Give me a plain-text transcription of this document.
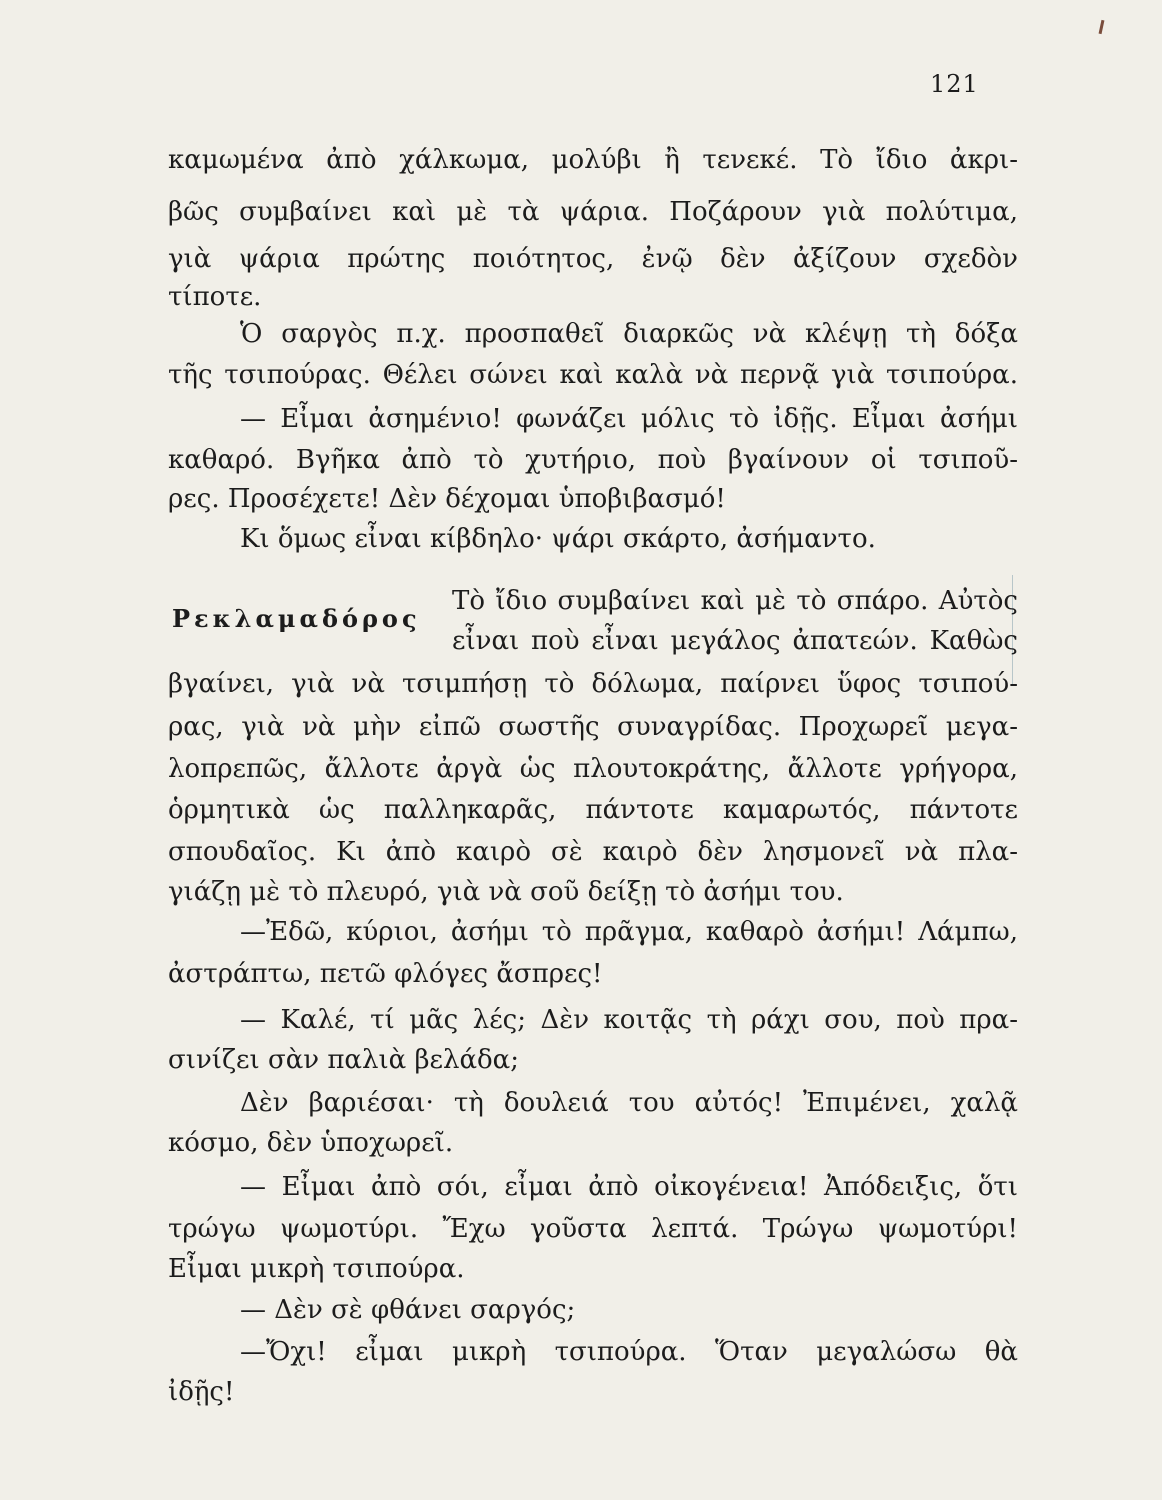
121
καμωμένα ἀπὸ χάλκωμα, μολύβι ἢ τενεκέ. Τὸ ἴδιο ἀκρι-
βῶς συμβαίνει καὶ μὲ τὰ ψάρια. Ποζάρουν γιὰ πολύτιμα,
γιὰ ψάρια πρώτης ποιότητος, ἐνῷ δὲν ἀξίζουν σχεδὸν
τίποτε.
Ὁ σαργὸς π.χ. προσπαθεῖ διαρκῶς νὰ κλέψῃ τὴ δόξα
τῆς τσιπούρας. Θέλει σώνει καὶ καλὰ νὰ περνᾷ γιὰ τσιπούρα.
— Εἶμαι ἀσημένιο! φωνάζει μόλις τὸ ἰδῇς. Εἶμαι ἀσήμι
καθαρό. Βγῆκα ἀπὸ τὸ χυτήριο, ποὺ βγαίνουν οἱ τσιποῦ-
ρες. Προσέχετε! Δὲν δέχομαι ὑποβιβασμό!
Κι ὅμως εἶναι κίβδηλο· ψάρι σκάρτο, ἀσήμαντο.
Ρεκλαμαδόρος
Τὸ ἴδιο συμβαίνει καὶ μὲ τὸ σπάρο. Αὐτὸς
εἶναι ποὺ εἶναι μεγάλος ἀπατεών. Καθὼς
βγαίνει, γιὰ νὰ τσιμπήσῃ τὸ δόλωμα, παίρνει ὕφος τσιπού-
ρας, γιὰ νὰ μὴν εἰπῶ σωστῆς συναγρίδας. Προχωρεῖ μεγα-
λοπρεπῶς, ἄλλοτε ἀργὰ ὡς πλουτοκράτης, ἄλλοτε γρήγορα,
ὁρμητικὰ ὡς παλληκαρᾶς, πάντοτε καμαρωτός, πάντοτε
σπουδαῖος. Κι ἀπὸ καιρὸ σὲ καιρὸ δὲν λησμονεῖ νὰ πλα-
γιάζῃ μὲ τὸ πλευρό, γιὰ νὰ σοῦ δείξῃ τὸ ἀσήμι του.
—Ἐδῶ, κύριοι, ἀσήμι τὸ πρᾶγμα, καθαρὸ ἀσήμι! Λάμπω,
ἀστράπτω, πετῶ φλόγες ἄσπρες!
— Καλέ, τί μᾶς λές; Δὲν κοιτᾷς τὴ ράχι σου, ποὺ πρα-
σινίζει σὰν παλιὰ βελάδα;
Δὲν βαριέσαι· τὴ δουλειά του αὐτός! Ἐπιμένει, χαλᾷ
κόσμο, δὲν ὑποχωρεῖ.
— Εἶμαι ἀπὸ σόι, εἶμαι ἀπὸ οἰκογένεια! Ἀπόδειξις, ὅτι
τρώγω ψωμοτύρι. Ἔχω γοῦστα λεπτά. Τρώγω ψωμοτύρι!
Εἶμαι μικρὴ τσιπούρα.
— Δὲν σὲ φθάνει σαργός;
—Ὄχι! εἶμαι μικρὴ τσιπούρα. Ὅταν μεγαλώσω θὰ
ἰδῇς!
